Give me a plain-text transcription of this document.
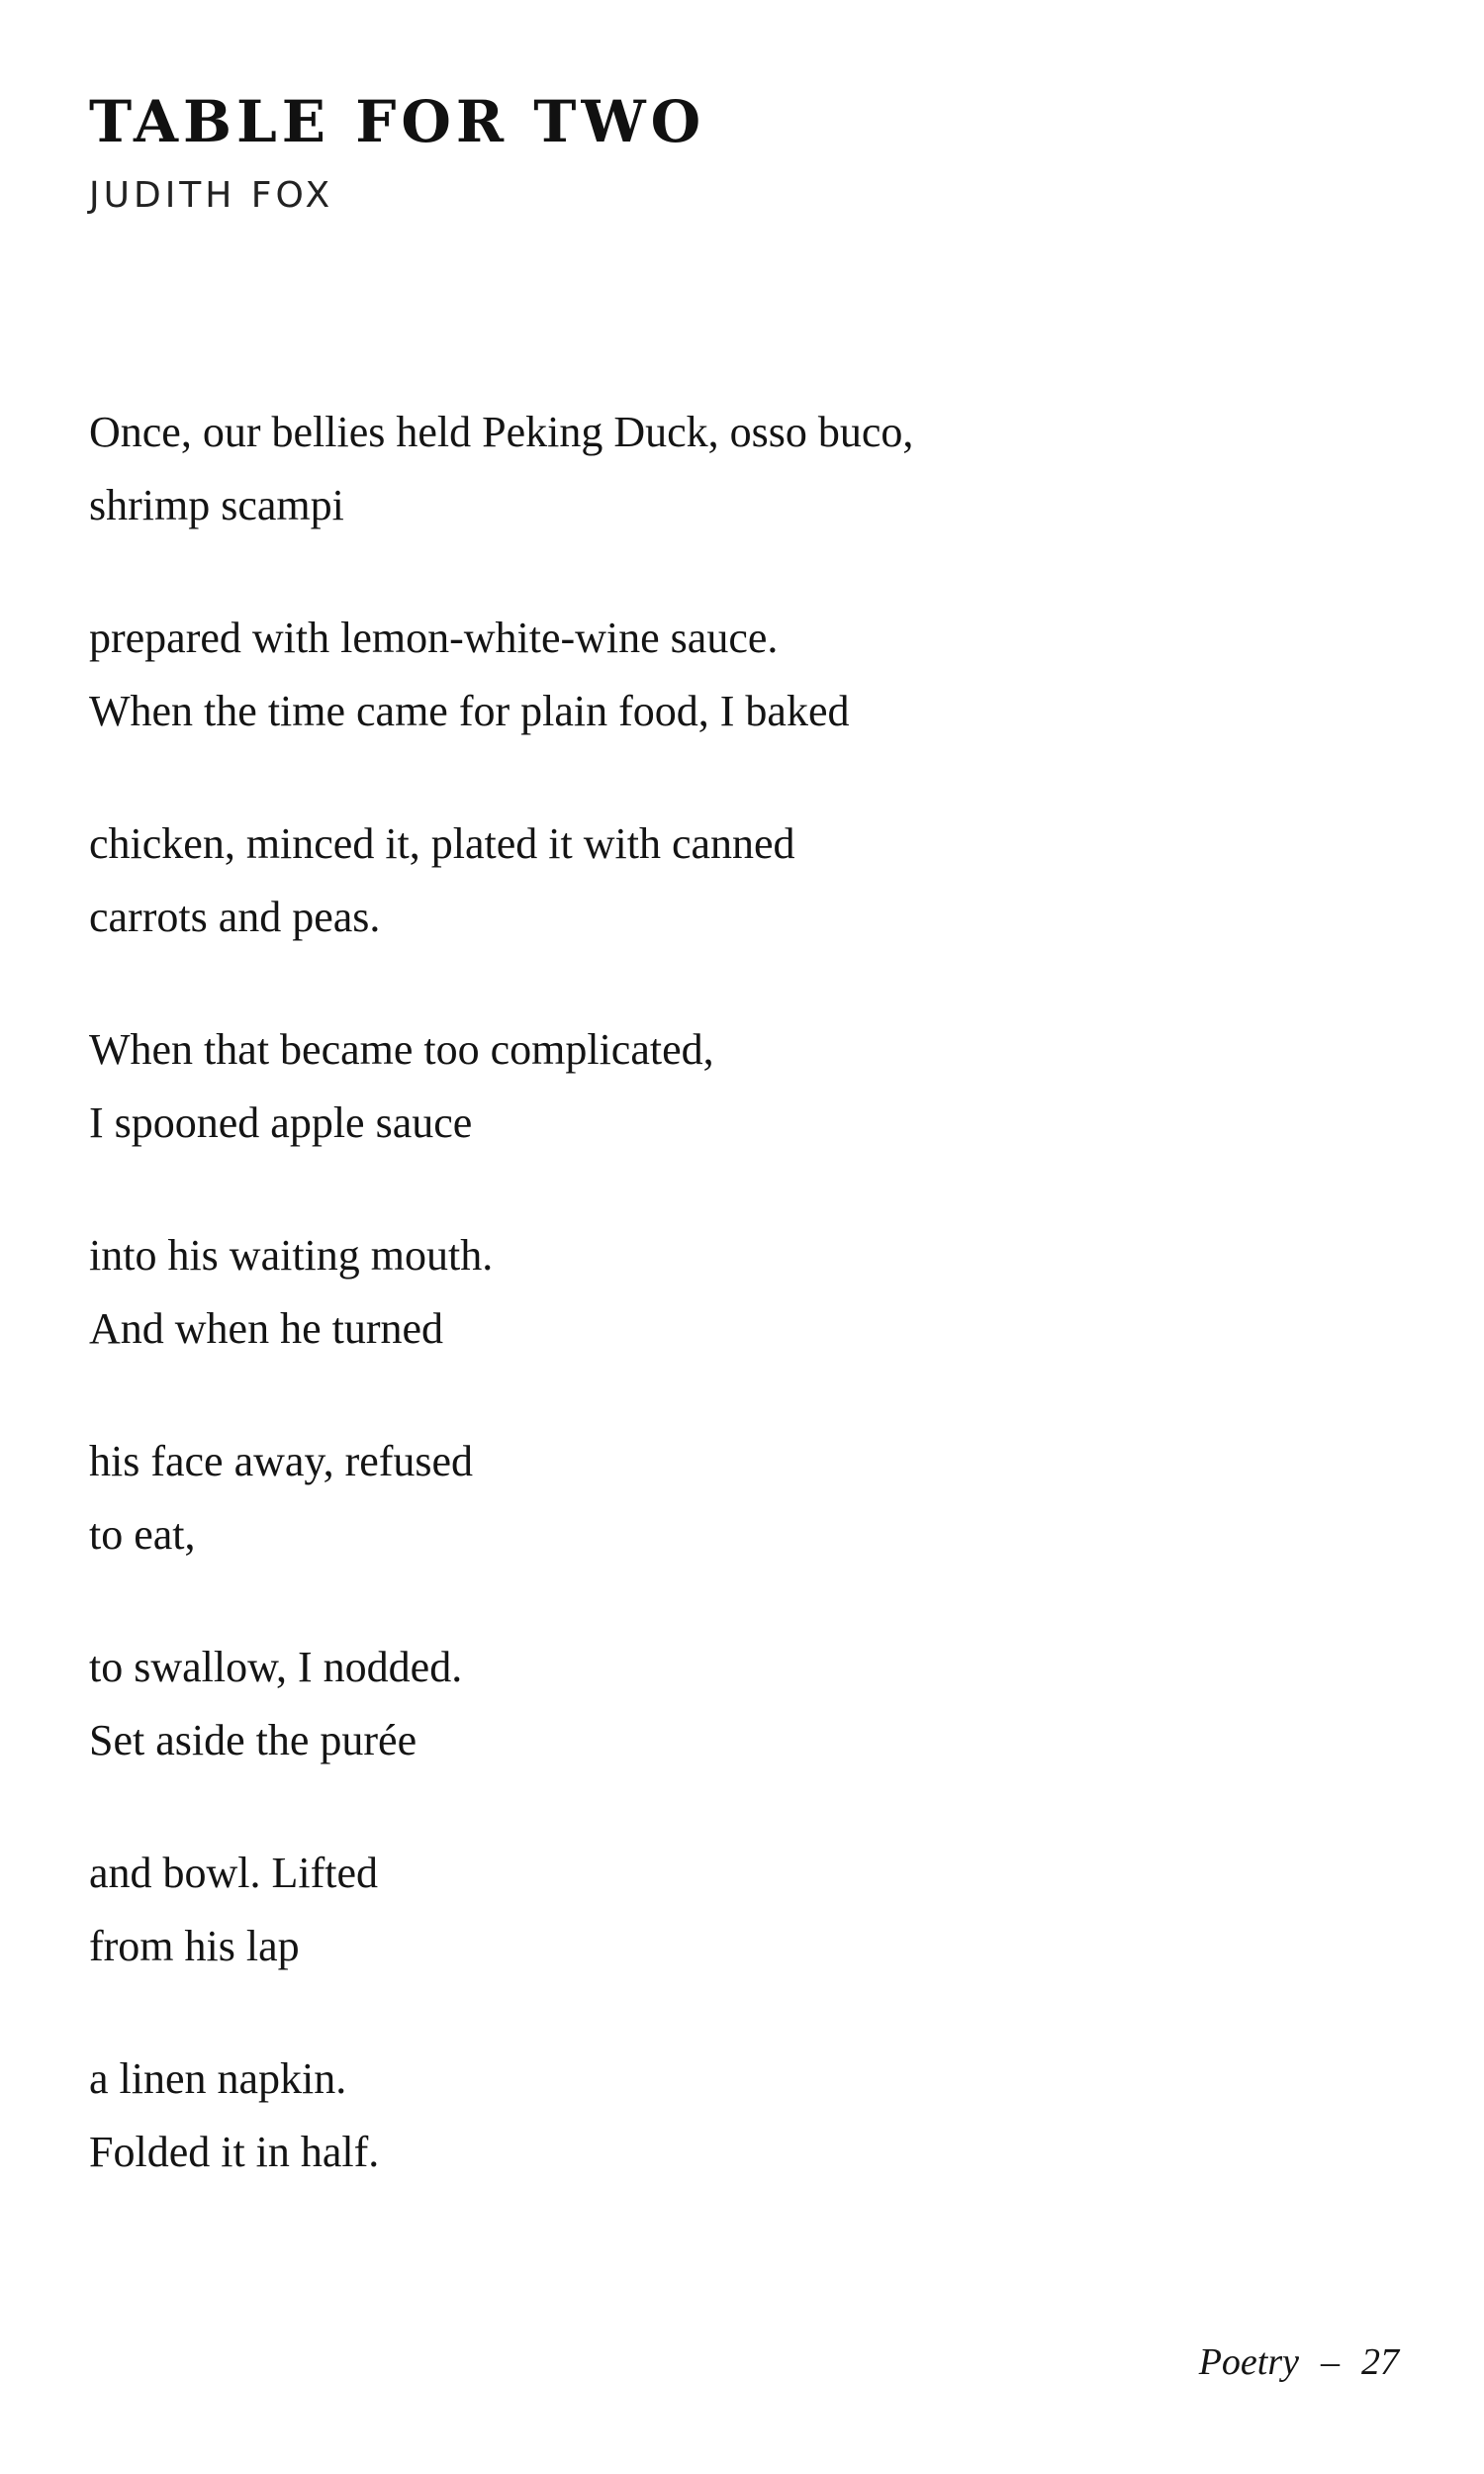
TABLE FOR TWO
JUDITH FOX
Once, our bellies held Peking Duck, osso buco,
shrimp scampi
prepared with lemon-white-wine sauce.
When the time came for plain food, I baked
chicken, minced it, plated it with canned
carrots and peas.
When that became too complicated,
I spooned apple sauce
into his waiting mouth.
And when he turned
his face away, refused
to eat,
to swallow, I nodded.
Set aside the purée
and bowl. Lifted
from his lap
a linen napkin.
Folded it in half.
Poetry – 27
